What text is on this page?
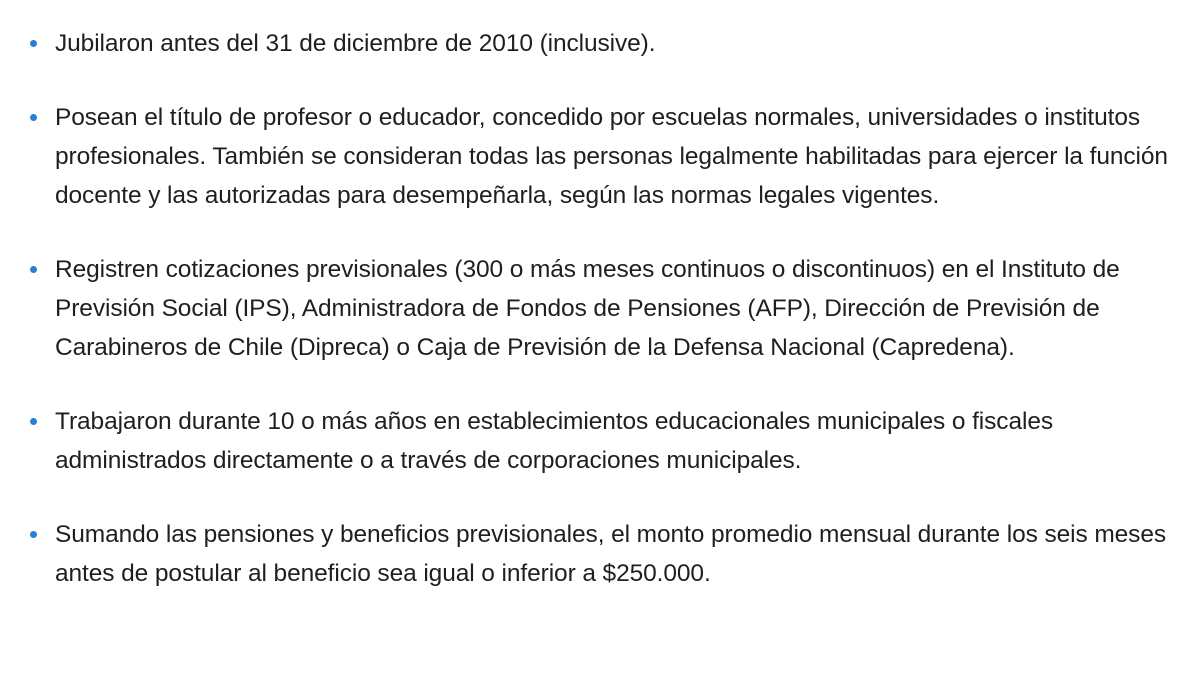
Jubilaron antes del 31 de diciembre de 2010 (inclusive).
Posean el título de profesor o educador, concedido por escuelas normales, universidades o institutos profesionales. También se consideran todas las personas legalmente habilitadas para ejercer la función docente y las autorizadas para desempeñarla, según las normas legales vigentes.
Registren cotizaciones previsionales (300 o más meses continuos o discontinuos) en el Instituto de Previsión Social (IPS), Administradora de Fondos de Pensiones (AFP), Dirección de Previsión de Carabineros de Chile (Dipreca) o Caja de Previsión de la Defensa Nacional (Capredena).
Trabajaron durante 10 o más años en establecimientos educacionales municipales o fiscales administrados directamente o a través de corporaciones municipales.
Sumando las pensiones y beneficios previsionales, el monto promedio mensual durante los seis meses antes de postular al beneficio sea igual o inferior a $250.000.
